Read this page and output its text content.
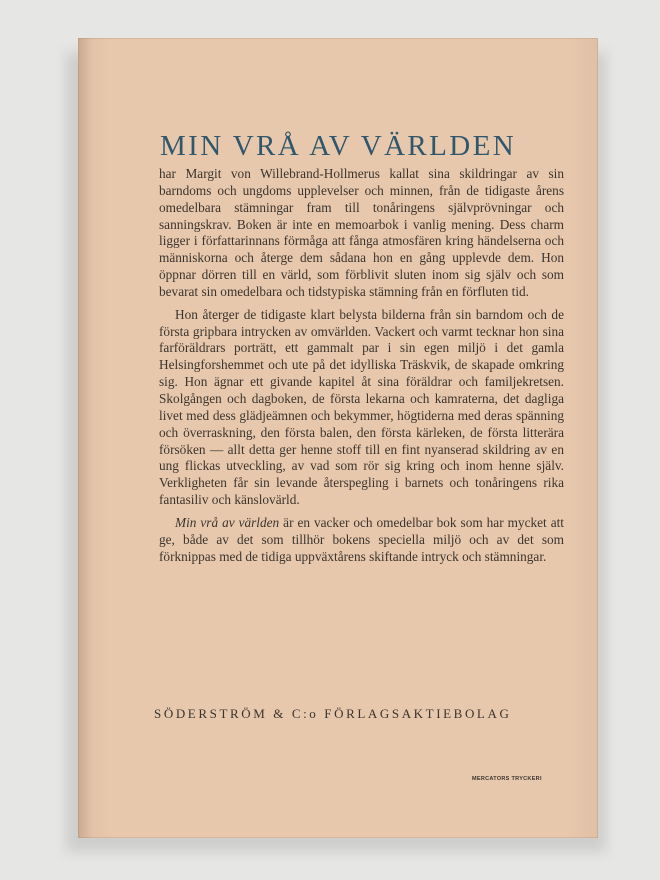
MIN VRÅ AV VÄRLDEN

har Margit von Willebrand-Hollmerus kallat sina skildringar av sin barndoms och ungdoms upplevelser och minnen, från de tidigaste årens omedelbara stämningar fram till tonåringens självprövningar och sanningskrav. Boken är inte en memoarbok i vanlig mening. Dess charm ligger i författarinnans förmåga att fånga atmosfären kring händelserna och människorna och återge dem sådana hon en gång upplevde dem. Hon öppnar dörren till en värld, som förblivit sluten inom sig själv och som bevarat sin omedelbara och tidstypiska stämning från en förfluten tid.

Hon återger de tidigaste klart belysta bilderna från sin barndom och de första gripbara intrycken av omvärlden. Vackert och varmt tecknar hon sina farföräldrars porträtt, ett gammalt par i sin egen miljö i det gamla Helsingforshemmet och ute på det idylliska Träskvik, de skapade omkring sig. Hon ägnar ett givande kapitel åt sina föräldrar och familjekretsen. Skolgången och dagboken, de första lekarna och kamraterna, det dagliga livet med dess glädjeämnen och bekymmer, högtiderna med deras spänning och överraskning, den första balen, den första kärleken, de första litterära försöken — allt detta ger henne stoff till en fint nyanserad skildring av en ung flickas utveckling, av vad som rör sig kring och inom henne själv. Verkligheten får sin levande återspegling i barnets och tonåringens rika fantasiliv och känslovärld.

Min vrå av världen är en vacker och omedelbar bok som har mycket att ge, både av det som tillhör bokens speciella miljö och av det som förknippas med de tidiga uppväxtårens skiftande intryck och stämningar.

SÖDERSTRÖM & C:o FÖRLAGSAKTIEBOLAG

MERCATORS TRYCKERI
